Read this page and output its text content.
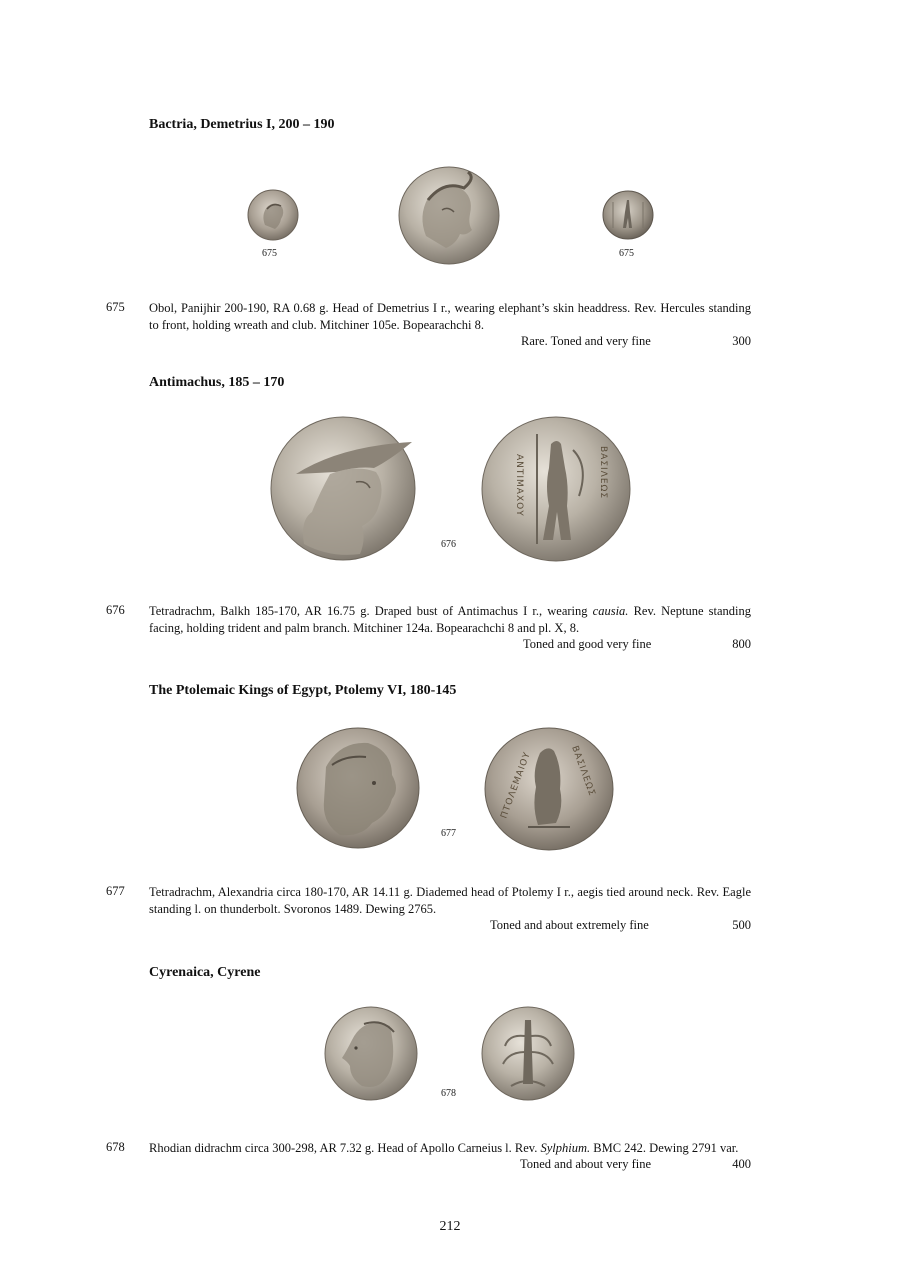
Bactria, Demetrius I, 200 – 190
675	675
675 Obol, Panijhir 200-190, RA 0.68 g. Head of Demetrius I r., wearing elephant’s skin headdress. Rev. Hercules standing to front, holding wreath and club. Mitchiner 105e. Bopearachchi 8.
Rare. Toned and very fine	300
Antimachus, 185 – 170
ΑΝΤΙΜΑΧΟΥ	ΒΑΣΙΛΕΩΣ
676
676 Tetradrachm, Balkh 185-170, AR 16.75 g. Draped bust of Antimachus I r., wearing causia. Rev. Neptune standing facing, holding trident and palm branch. Mitchiner 124a. Bopearachchi 8 and pl. X, 8.
Toned and good very fine	800
The Ptolemaic Kings of Egypt, Ptolemy VI, 180-145
ΠΤΟΛΕΜΑΙΟΥ	ΒΑΣΙΛΕΩΣ
677
677 Tetradrachm, Alexandria circa 180-170, AR 14.11 g. Diademed head of Ptolemy I r., aegis tied around neck. Rev. Eagle standing l. on thunderbolt. Svoronos 1489. Dewing 2765.
Toned and about extremely fine	500
Cyrenaica, Cyrene
678
678 Rhodian didrachm circa 300-298, AR 7.32 g. Head of Apollo Carneius l. Rev. Sylphium. BMC 242. Dewing 2791 var.
Toned and about very fine	400
212
